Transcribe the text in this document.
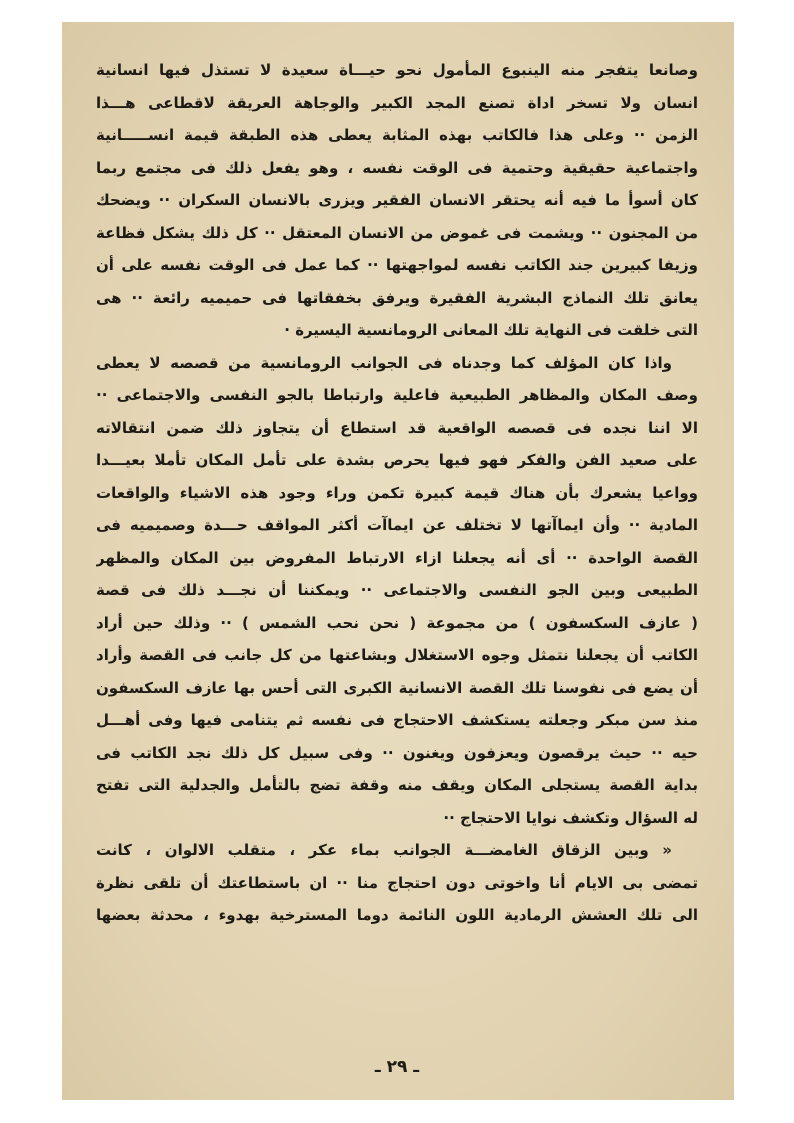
وصانعا يتفجر منه الينبوع المأمول نحو حيـــاة سعيدة لا تستذل فيها انسانية
انسان ولا تسخر اداة تصنع المجد الكبير والوجاهة العريقة لاقطاعى هـــذا
الزمن ·· وعلى هذا فالكاتب بهذه المثابة يعطى هذه الطبقة قيمة انســـــانية
واجتماعية حقيقية وحتمية فى الوقت نفسه ، وهو يفعل ذلك فى مجتمع ربما
كان أسوأ ما فيه أنه يحتقر الانسان الفقير ويزرى بالانسان السكران ·· ويضحك
من المجنون ·· ويشمت فى غموض من الانسان المعتقل ·· كل ذلك يشكل فظاعة
وزيفا كبيرين جند الكاتب نفسه لمواجهتها ·· كما عمل فى الوقت نفسه على أن
يعانق تلك النماذج البشرية الفقيرة ويرفق بخفقاتها فى حميميه رائعة ·· هى
التى خلقت فى النهاية تلك المعانى الرومانسية اليسيرة ·
واذا كان المؤلف كما وجدناه فى الجوانب الرومانسية من قصصه لا يعطى
وصف المكان والمظاهر الطبيعية فاعلية وارتباطا بالجو النفسى والاجتماعى ··
الا اننا نجده فى قصصه الواقعية قد استطاع أن يتجاوز ذلك ضمن انتقالاته
على صعيد الفن والفكر فهو فيها يحرص بشدة على تأمل المكان تأملا بعيـــدا
وواعيا يشعرك بأن هناك قيمة كبيرة تكمن وراء وجود هذه الاشياء والواقعات
المادية ·· وأن ايماآتها لا تختلف عن ايماآت أكثر المواقف حـــدة وصميميه فى
القصة الواحدة ·· أى أنه يجعلنا ازاء الارتباط المفروض بين المكان والمظهر
الطبيعى وبين الجو النفسى والاجتماعى ·· ويمكننا أن نجـــد ذلك فى قصة
( عازف السكسفون ) من مجموعة ( نحن نحب الشمس ) ·· وذلك حين أراد
الكاتب أن يجعلنا نتمثل وجوه الاستغلال وبشاعتها من كل جانب فى القصة وأراد
أن يضع فى نفوسنا تلك القصة الانسانية الكبرى التى أحس بها عازف السكسفون
منذ سن مبكر وجعلته يستكشف الاحتجاج فى نفسه ثم يتنامى فيها وفى أهـــل
حيه ·· حيث يرقصون ويعزفون ويغنون ·· وفى سبيل كل ذلك نجد الكاتب فى
بداية القصة يستجلى المكان ويقف منه وقفة تضج بالتأمل والجدلية التى تفتح
له السؤال وتكشف نوايا الاحتجاج ··
« وبين الزقاق الغامضـــة الجوانب بماء عكر ، متقلب الالوان ، كانت
تمضى بى الايام أنا واخوتى دون احتجاج منا ·· ان باستطاعتك أن تلقى نظرة
الى تلك العشش الرمادية اللون النائمة دوما المسترخية بهدوء ، محدثة بعضها
ـ ٢٩ ـ
